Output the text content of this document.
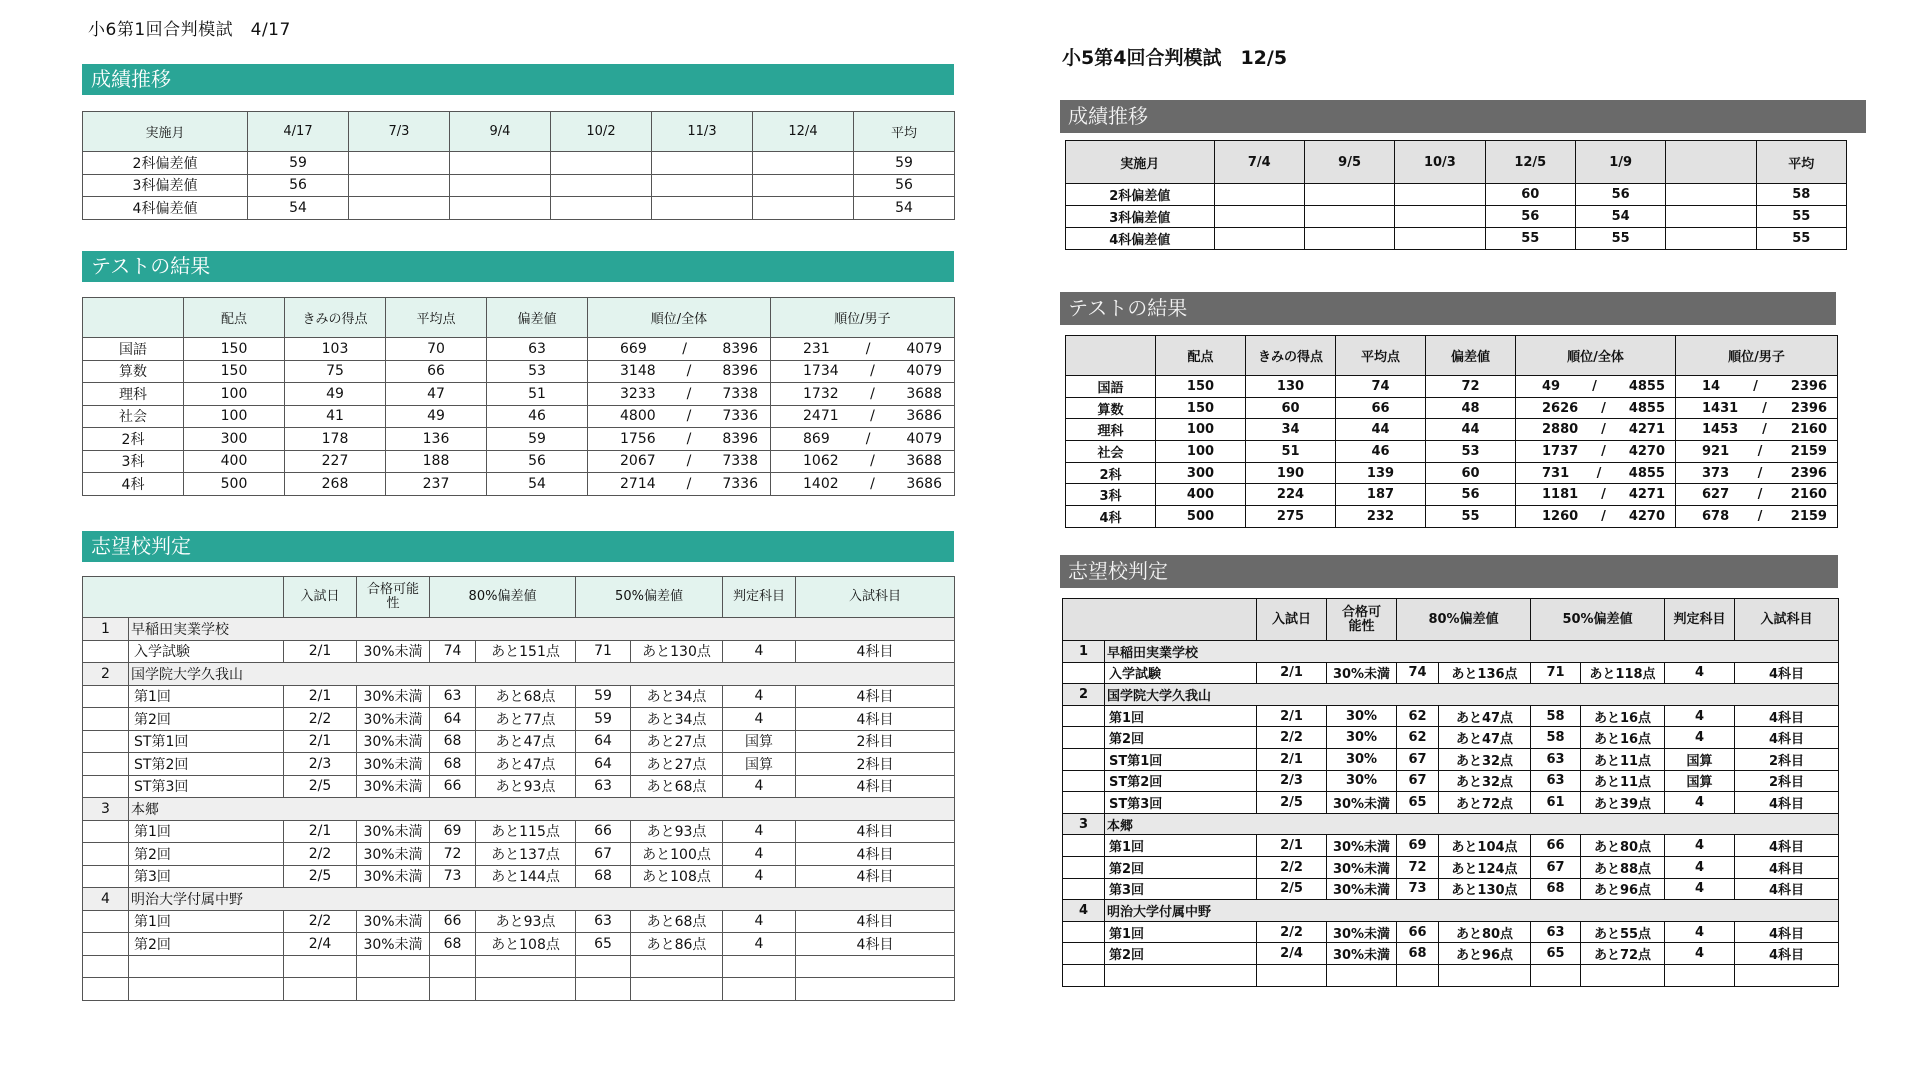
小6第1回合判模試　4/17
成績推移
実施月	4/17	7/3	9/4	10/2	11/3	12/4	平均
2科偏差値	59						59
3科偏差値	56						56
4科偏差値	54						54
テストの結果
	配点	きみの得点	平均点	偏差値	順位/全体	順位/男子
国語	150	103	70	63	669 / 8396	231 / 4079

算数	150	75	66	53	3148 / 8396	1734 / 4079

理科	100	49	47	51	3233 / 7338	1732 / 3688

社会	100	41	49	46	4800 / 7336	2471 / 3686

2科	300	178	136	59	1756 / 8396	869 / 4079

3科	400	227	188	56	2067 / 7338	1062 / 3688

4科	500	268	237	54	2714 / 7336	1402 / 3686
志望校判定
		入試日	合格可能性	80%偏差値		50%偏差値		判定科目	入試科目
1	早稲田実業学校								
	入学試験	2/1	30%未満	74	あと151点	71	あと130点	4	4科目
2	国学院大学久我山								
	第1回	2/1	30%未満	63	あと68点	59	あと34点	4	4科目
	第2回	2/2	30%未満	64	あと77点	59	あと34点	4	4科目
	ST第1回	2/1	30%未満	68	あと47点	64	あと27点	国算	2科目
	ST第2回	2/3	30%未満	68	あと47点	64	あと27点	国算	2科目
	ST第3回	2/5	30%未満	66	あと93点	63	あと68点	4	4科目
3	本郷								
	第1回	2/1	30%未満	69	あと115点	66	あと93点	4	4科目
	第2回	2/2	30%未満	72	あと137点	67	あと100点	4	4科目
	第3回	2/5	30%未満	73	あと144点	68	あと108点	4	4科目
4	明治大学付属中野								
	第1回	2/2	30%未満	66	あと93点	63	あと68点	4	4科目
	第2回	2/4	30%未満	68	あと108点	65	あと86点	4	4科目

小5第4回合判模試　12/5
成績推移
実施月	7/4	9/5	10/3	12/5	1/9		平均
2科偏差値				60	56		58
3科偏差値				56	54		55
4科偏差値				55	55		55
テストの結果
	配点	きみの得点	平均点	偏差値	順位/全体	順位/男子
国語	150	130	74	72	49 / 4855	14 / 2396

算数	150	60	66	48	2626 / 4855	1431 / 2396

理科	100	34	44	44	2880 / 4271	1453 / 2160

社会	100	51	46	53	1737 / 4270	921 / 2159

2科	300	190	139	60	731 / 4855	373 / 2396

3科	400	224	187	56	1181 / 4271	627 / 2160

4科	500	275	232	55	1260 / 4270	678 / 2159
志望校判定
		入試日	合格可能性	80%偏差値		50%偏差値		判定科目	入試科目
1	早稲田実業学校								
	入学試験	2/1	30%未満	74	あと136点	71	あと118点	4	4科目
2	国学院大学久我山								
	第1回	2/1	30%	62	あと47点	58	あと16点	4	4科目
	第2回	2/2	30%	62	あと47点	58	あと16点	4	4科目
	ST第1回	2/1	30%	67	あと32点	63	あと11点	国算	2科目
	ST第2回	2/3	30%	67	あと32点	63	あと11点	国算	2科目
	ST第3回	2/5	30%未満	65	あと72点	61	あと39点	4	4科目
3	本郷								
	第1回	2/1	30%未満	69	あと104点	66	あと80点	4	4科目
	第2回	2/2	30%未満	72	あと124点	67	あと88点	4	4科目
	第3回	2/5	30%未満	73	あと130点	68	あと96点	4	4科目
4	明治大学付属中野								
	第1回	2/2	30%未満	66	あと80点	63	あと55点	4	4科目
	第2回	2/4	30%未満	68	あと96点	65	あと72点	4	4科目
